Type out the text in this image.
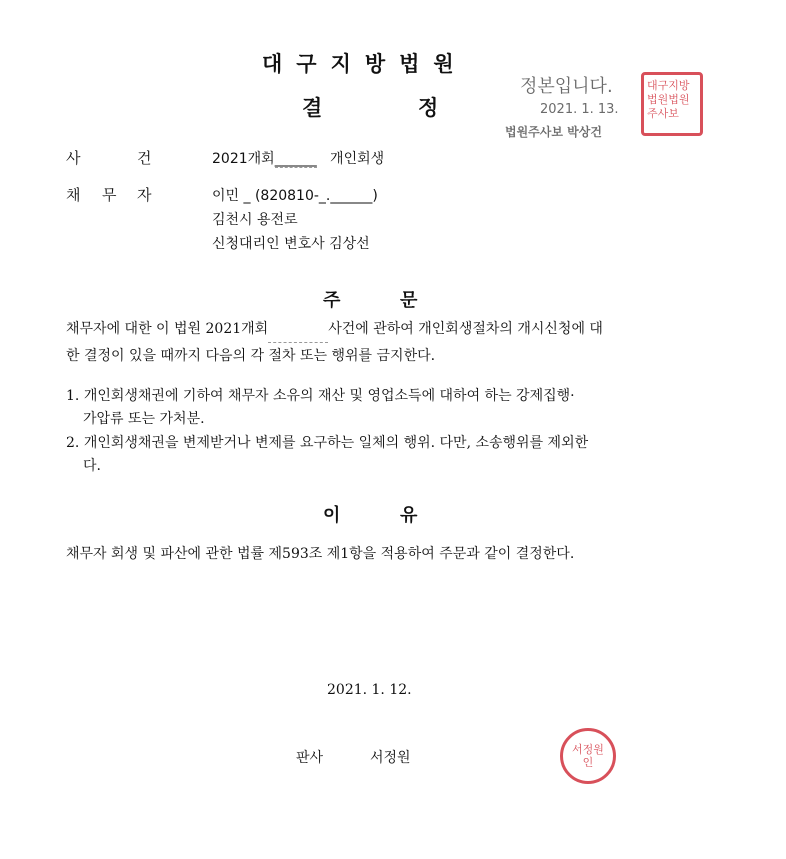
대구지방법원
결	정
정본입니다.
2021. 1. 13.
법원주사보 박상건
대구지방법원법원주사보
사	건	2021개회______ 개인회생
채 무 자	이민 _ (820810-_.______)
김천시 용전로
신청대리인 변호사 김상선
주	문
채무자에 대한 이 법원 2021개회	사건에 관하여 개인회생절차의 개시신청에 대
한 결정이 있을 때까지 다음의 각 절차 또는 행위를 금지한다.
1. 개인회생채권에 기하여 채무자 소유의 재산 및 영업소득에 대하여 하는 강제집행·
가압류 또는 가처분.
2. 개인회생채권을 변제받거나 변제를 요구하는 일체의 행위. 다만, 소송행위를 제외한
다.
이	유
채무자 회생 및 파산에 관한 법률 제593조 제1항을 적용하여 주문과 같이 결정한다.
2021. 1. 12.
판사	서정원
서정원인
